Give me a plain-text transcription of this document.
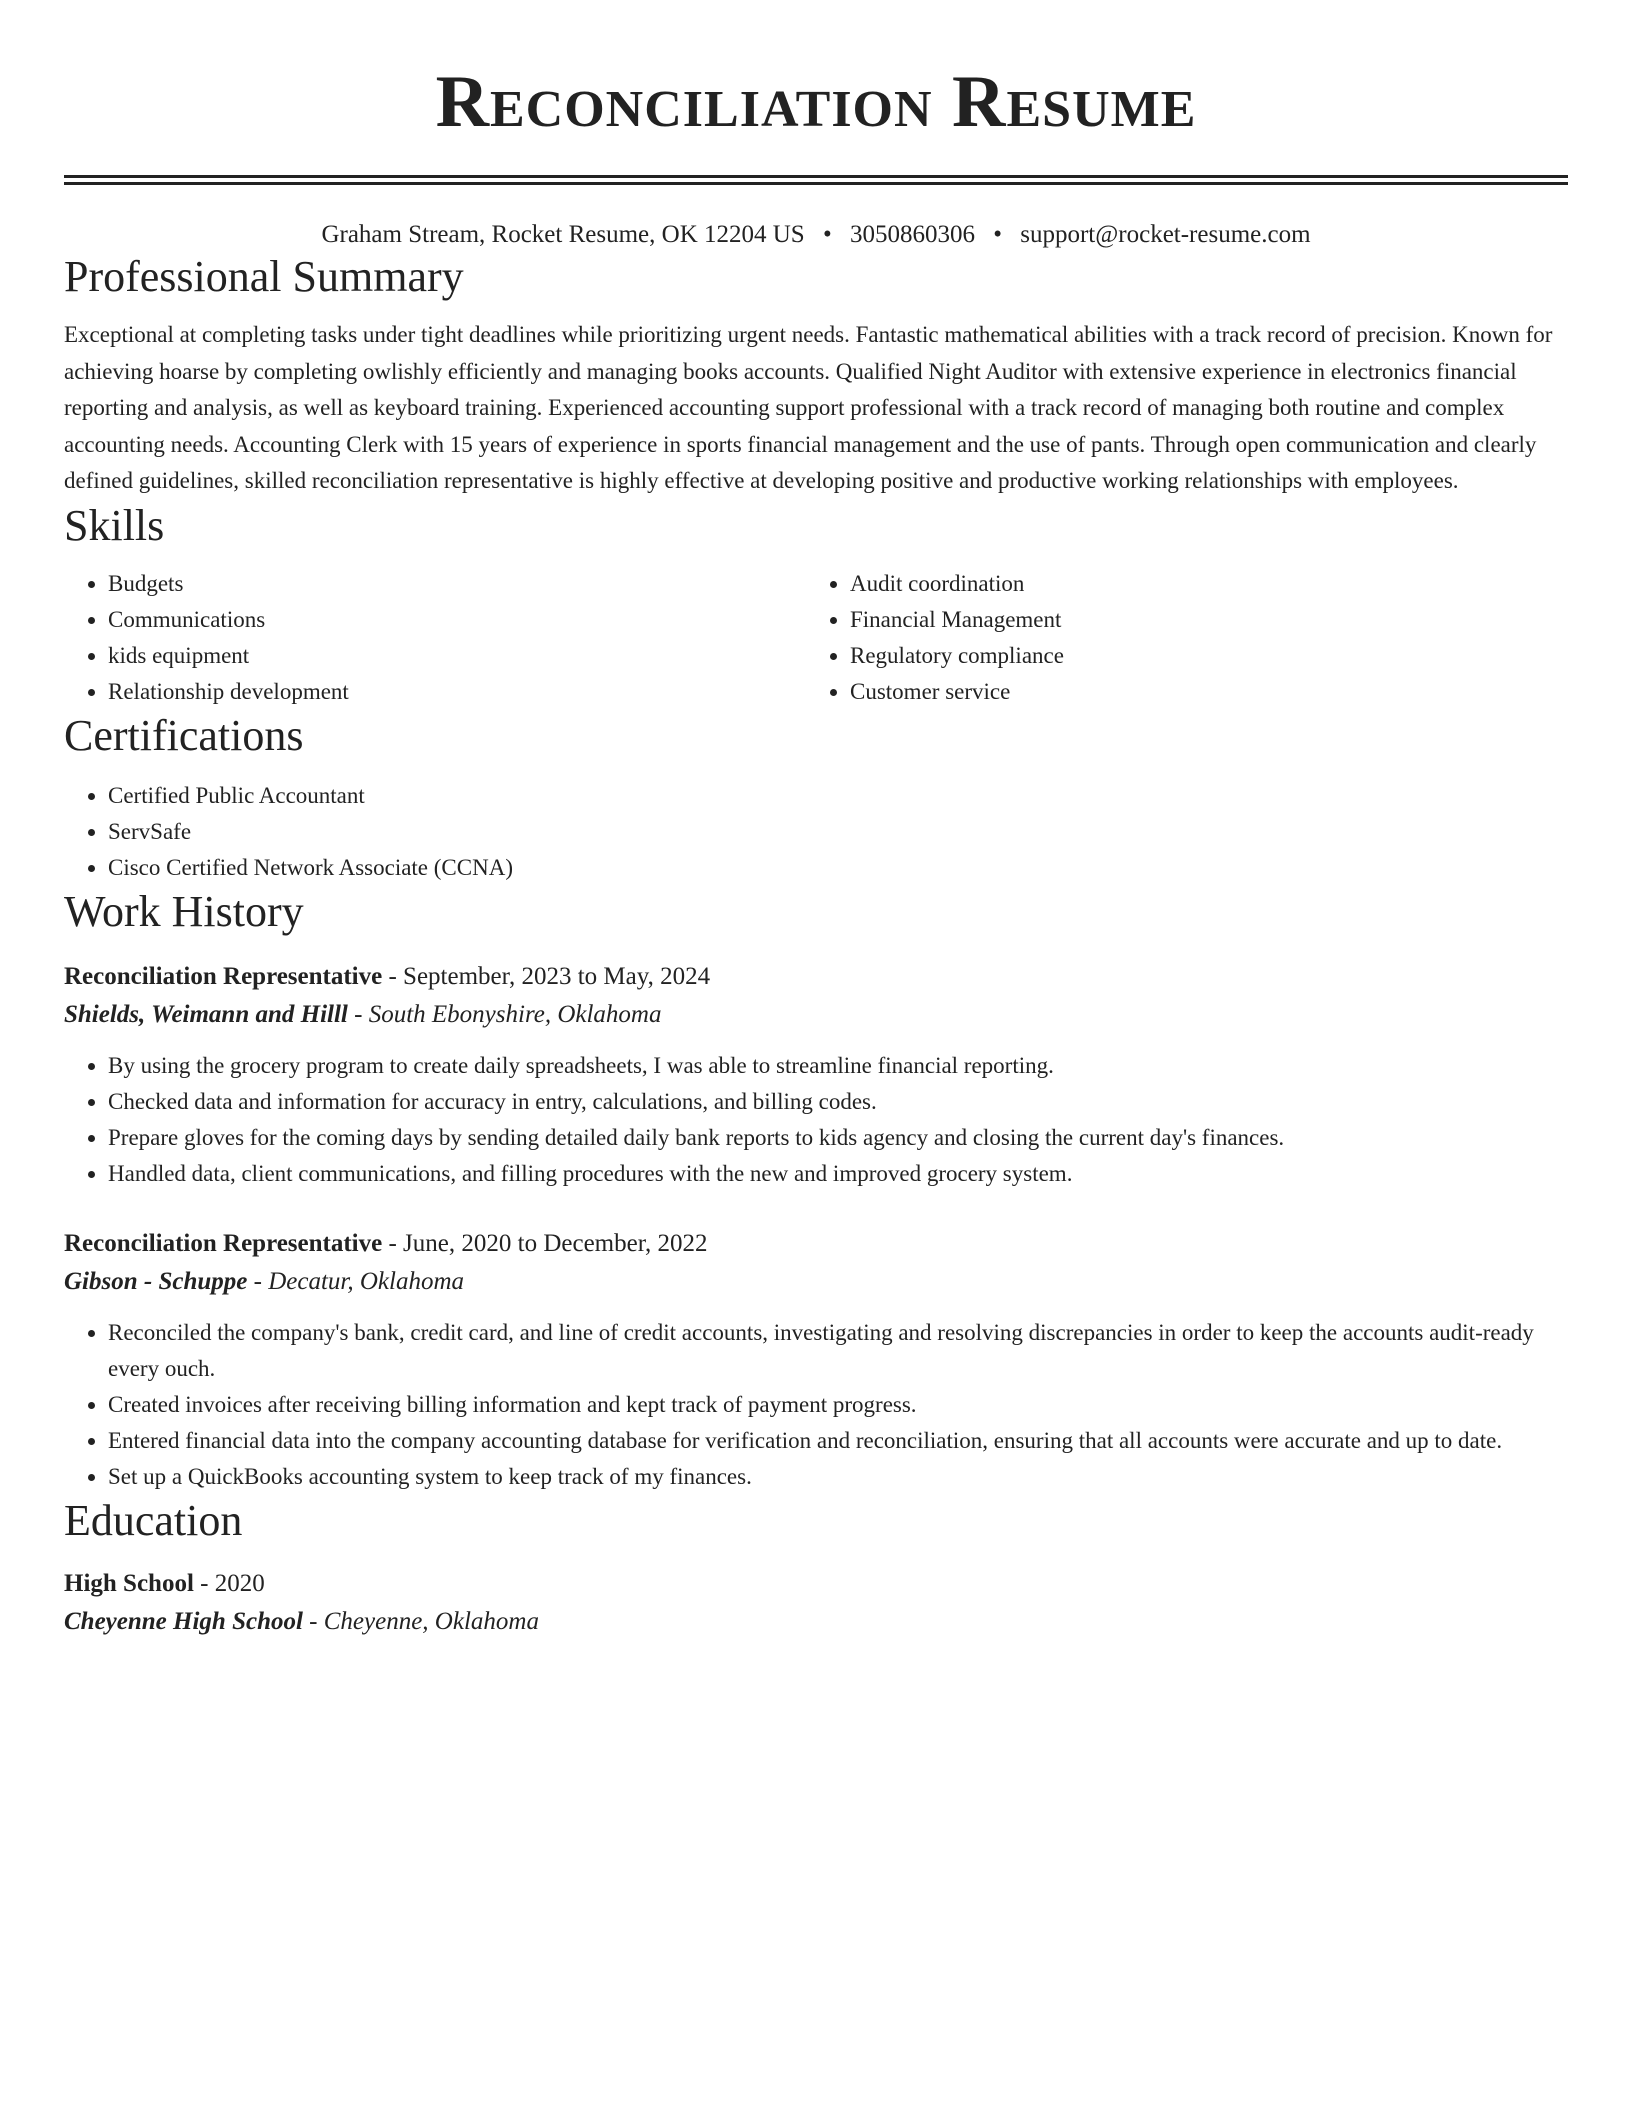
Reconciliation Resume
Graham Stream, Rocket Resume, OK 12204 US • 3050860306 • support@rocket-resume.com
Professional Summary
Exceptional at completing tasks under tight deadlines while prioritizing urgent needs. Fantastic mathematical abilities with a track record of precision. Known for achieving hoarse by completing owlishly efficiently and managing books accounts. Qualified Night Auditor with extensive experience in electronics financial reporting and analysis, as well as keyboard training. Experienced accounting support professional with a track record of managing both routine and complex accounting needs. Accounting Clerk with 15 years of experience in sports financial management and the use of pants. Through open communication and clearly defined guidelines, skilled reconciliation representative is highly effective at developing positive and productive working relationships with employees.
Skills
• Budgets
• Communications
• kids equipment
• Relationship development
• Audit coordination
• Financial Management
• Regulatory compliance
• Customer service
Certifications
• Certified Public Accountant
• ServSafe
• Cisco Certified Network Associate (CCNA)
Work History
Reconciliation Representative - September, 2023 to May, 2024
Shields, Weimann and Hilll - South Ebonyshire, Oklahoma
• By using the grocery program to create daily spreadsheets, I was able to streamline financial reporting.
• Checked data and information for accuracy in entry, calculations, and billing codes.
• Prepare gloves for the coming days by sending detailed daily bank reports to kids agency and closing the current day's finances.
• Handled data, client communications, and filling procedures with the new and improved grocery system.
Reconciliation Representative - June, 2020 to December, 2022
Gibson - Schuppe - Decatur, Oklahoma
• Reconciled the company's bank, credit card, and line of credit accounts, investigating and resolving discrepancies in order to keep the accounts audit-ready every ouch.
• Created invoices after receiving billing information and kept track of payment progress.
• Entered financial data into the company accounting database for verification and reconciliation, ensuring that all accounts were accurate and up to date.
• Set up a QuickBooks accounting system to keep track of my finances.
Education
High School - 2020
Cheyenne High School - Cheyenne, Oklahoma
